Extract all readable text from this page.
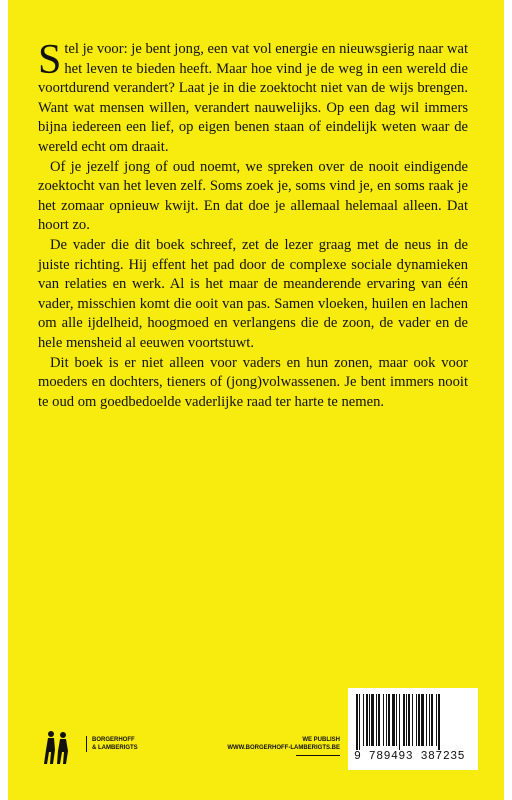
Stel je voor: je bent jong, een vat vol energie en nieuwsgierig naar wat het leven te bieden heeft. Maar hoe vind je de weg in een wereld die voortdurend verandert? Laat je in die zoektocht niet van de wijs brengen. Want wat mensen willen, verandert nauwelijks. Op een dag wil immers bijna iedereen een lief, op eigen benen staan of eindelijk weten waar de wereld echt om draait.

Of je jezelf jong of oud noemt, we spreken over de nooit eindigende zoektocht van het leven zelf. Soms zoek je, soms vind je, en soms raak je het zomaar opnieuw kwijt. En dat doe je allemaal helemaal alleen. Dat hoort zo.

De vader die dit boek schreef, zet de lezer graag met de neus in de juiste richting. Hij effent het pad door de complexe sociale dynamieken van relaties en werk. Al is het maar de meanderende ervaring van één vader, misschien komt die ooit van pas. Samen vloeken, huilen en lachen om alle ijdelheid, hoogmoed en verlangens die de zoon, de vader en de hele mensheid al eeuwen voortstuwt.

Dit boek is er niet alleen voor vaders en hun zonen, maar ook voor moeders en dochters, tieners of (jong)volwassenen. Je bent immers nooit te oud om goedbedoelde vaderlijke raad ter harte te nemen.

BORGERHOFF
& LAMBERIGTS
WE PUBLISH
WWW.BORGERHOFF-LAMBERIGTS.BE
9 789493 387235
